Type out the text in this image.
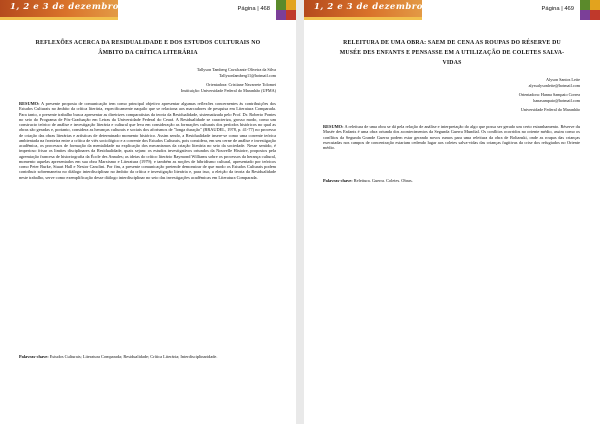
1, 2 e 3 de dezembro de 2019	Página | 468
REFLEXÕES ACERCA DA RESIDUALIDADE E DOS ESTUDOS CULTURAIS NO ÂMBITO DA CRÍTICA LITERÁRIA
Tallyson Tamberg Cavalcante Oliveira da Silva
Tallysonlamberg11@hotmail.com
Orientadora: Cristiane Navarrete Tolomei
Instituição: Universidade Federal do Maranhão (UFMA)
RESUMO: A presente proposta de comunicação tem como principal objetivo apresentar algumas reflexões concernentes às contribuições dos Estudos Culturais no âmbito da crítica literária, especificamente naquilo que se relaciona aos marcadores de pesquisa em Literatura Comparada. Para tanto, o presente trabalho busca apresentar as diretrizes comparatistas da teoria da Residualidade, sistematizada pelo Prof. Dr. Roberto Pontes no seio do Programa de Pós-Graduação em Letras da Universidade Federal do Ceará. A Residualidade se caracteriza, grosso modo, como um constructo teórico de análise e investigação literária e cultural que leva em consideração as formações culturais dos períodos históricos no qual as obras são geradas e, portanto, considera as heranças culturais e sociais dos aforismos de "longa duração" (BRAUDEL, 1978, p. 41-77) no processo de criação das obras literárias e artísticas de determinado momento histórico. Assim sendo, a Residualidade insere-se como uma corrente teórica ambientada na fronteira entre a crítica de viés sociológico e a corrente dos Estudos Culturais, pois considera, em seu cerne de análise e investigação acadêmica, os processos de formação da mentalidade na explicação dos mecanismos da criação literária no seio da sociedade. Nesse sentido, é imperioso frisar os limites disciplinares da Residualidade, quais sejam: os estudos investigativos oriundos da Nouvelle Histoire, propostos pela agremiação francesa de historiografia da École des Annales; as ideias do crítico literário Raymond Williams sobre os processos da herança cultural, momento aquelas apresentados em sua obra Marxismo e Literatura (1979); e também as noções de hibridismo cultural, apresentado por teóricos como Peter Burke, Stuart Hall e Nestor Canclini. Por fim, a presente comunicação pretende demonstrar de que modo os Estudos Culturais podem contribuir sobremaneira no diálogo interdisciplinar no âmbito da crítica e investigação literária e, para isso, a eleição da teoria da Residualidade neste trabalho, serve como exemplificação desse diálogo interdisciplinar no seio das investigações acadêmicas em Literatura Comparada.
Palavras-chave: Estudos Culturais; Literatura Comparada; Residualidade; Crítica Literária; Interdisciplinaridade.
1, 2 e 3 de dezembro de 2019	Página | 469
RELEITURA DE UMA OBRA: SAEM DE CENA AS ROUPAS DO RÉSERVE DU MUSÉE DES ENFANTS E PENSASSE EM A UTILIZAÇÃO DE COLETES SALVA-VIDAS
Alyson Santos Leite
alyssalysonleite@hotmail.com
Orientadora: Hanna Sampaio Correa
hanasampaio@hotmail.com
Universidade Federal do Maranhão
RESUMO: A releitura de uma obra se dá pela relação de análise e interpretação do algo que possa ser gerado um certo estranhamento. Réserve du Musée des Enfants é uma obra oriunda dos acontecimentos da Segunda Guerra Mundial. Os conflitos ocorridos no oriente médio, assim como os conflitos da Segunda Grande Guerra podem estar gerando novos rumos para uma releitura da obra de Boltanski, onde as roupas das crianças executadas nos campos de concentração estariam cedendo lugar aos coletes salva-vidas das crianças fugitivas da crise dos refugiados no Oriente médio.
Palavras-chave: Releitura. Guerra. Coletes. Obras.
